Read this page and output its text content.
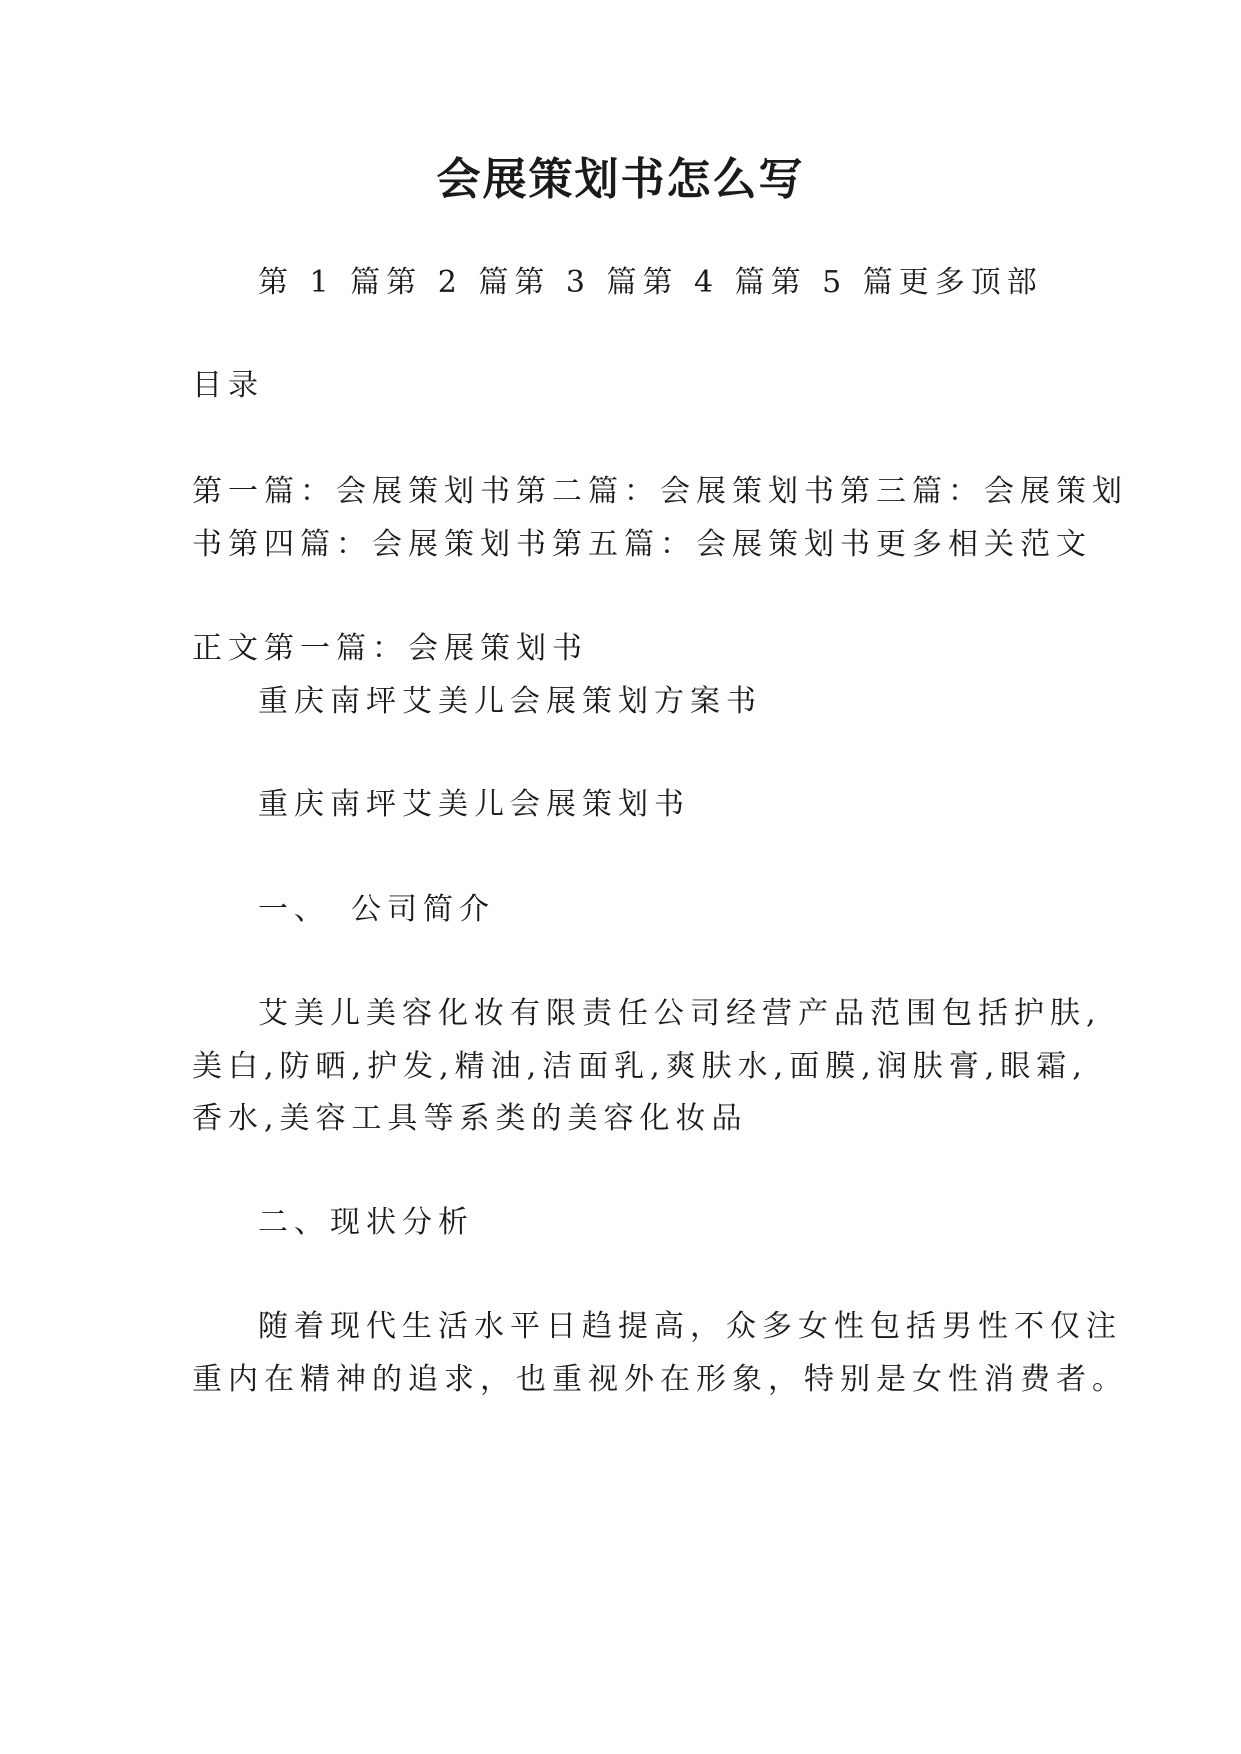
会展策划书怎么写
第 1 篇第 2 篇第 3 篇第 4 篇第 5 篇更多顶部
目录
第一篇：会展策划书第二篇：会展策划书第三篇：会展策划
书第四篇：会展策划书第五篇：会展策划书更多相关范文
正文第一篇：会展策划书
重庆南坪艾美儿会展策划方案书
重庆南坪艾美儿会展策划书
一、　公司简介
艾美儿美容化妆有限责任公司经营产品范围包括护肤,
美白,防晒,护发,精油,洁面乳,爽肤水,面膜,润肤膏,眼霜,
香水,美容工具等系类的美容化妆品
二、现状分析
随着现代生活水平日趋提高，众多女性包括男性不仅注
重内在精神的追求，也重视外在形象，特别是女性消费者。
